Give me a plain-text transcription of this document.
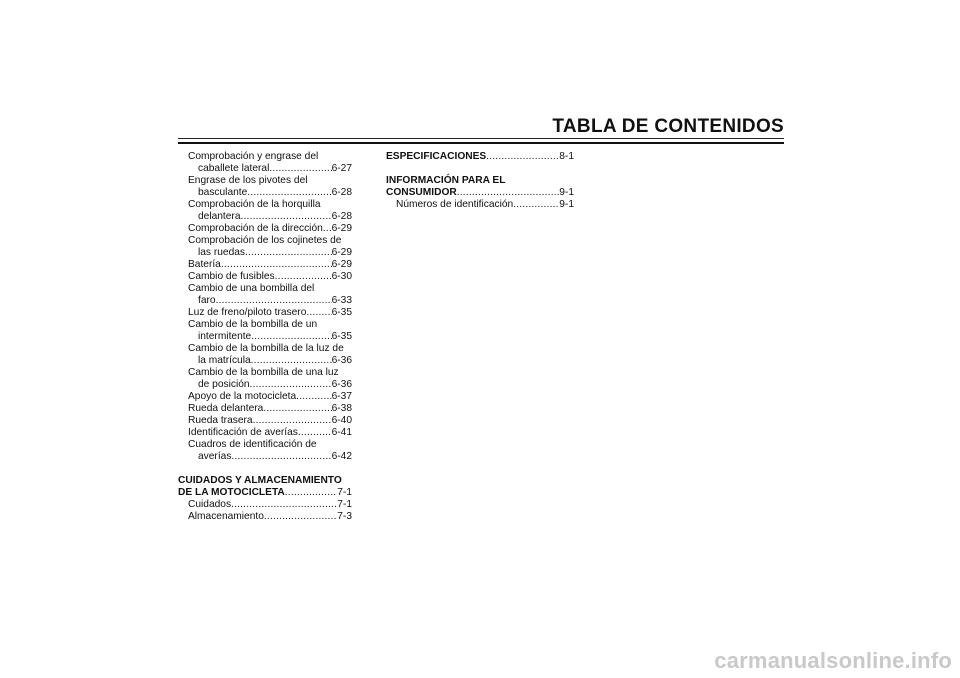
TABLA DE CONTENIDOS
Comprobación y engrase del
caballete lateral .....	6-27
Engrase de los pivotes del
basculante .....	6-28
Comprobación de la horquilla
delantera .....	6-28
Comprobación de la dirección ..... 6-29
Comprobación de los cojinetes de
las ruedas .....	6-29
Batería .....	6-29
Cambio de fusibles .....	6-30
Cambio de una bombilla del
faro .....	6-33
Luz de freno/piloto trasero ..... 6-35
Cambio de la bombilla de un
intermitente .....	6-35
Cambio de la bombilla de la luz de
la matrícula .....	6-36
Cambio de la bombilla de una luz
de posición .....	6-36
Apoyo de la motocicleta .....	6-37
Rueda delantera .....	6-38
Rueda trasera .....	6-40
Identificación de averías .....	6-41
Cuadros de identificación de
averías .....	6-42
CUIDADOS Y ALMACENAMIENTO
DE LA MOTOCICLETA .....	7-1
Cuidados .....	7-1
Almacenamiento .....	7-3
ESPECIFICACIONES .....	8-1
INFORMACIÓN PARA EL
CONSUMIDOR .....	9-1
Números de identificación .....	9-1
carmanualsonline.info
